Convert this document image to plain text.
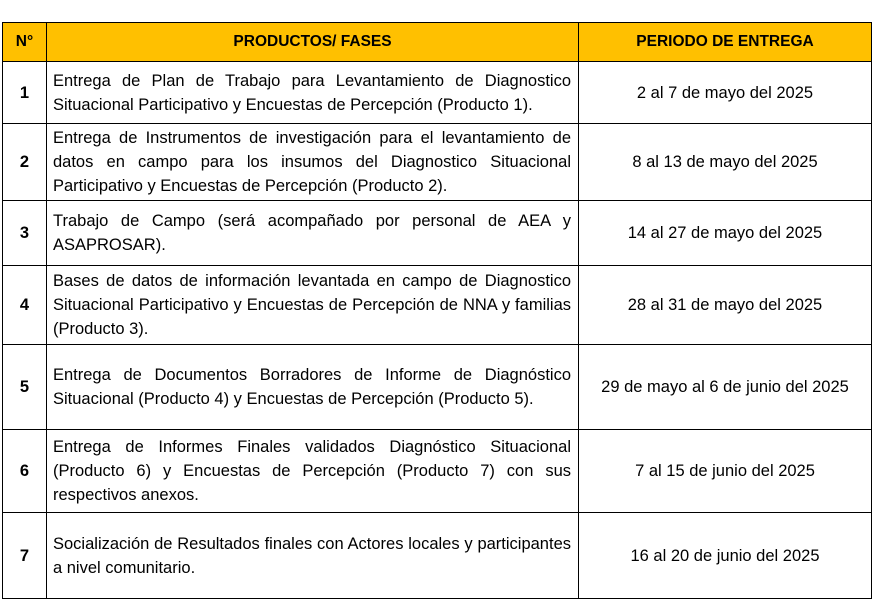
N°	PRODUCTOS/ FASES	PERIODO DE ENTREGA
1	Entrega de Plan de Trabajo para Levantamiento de Diagnostico Situacional Participativo y Encuestas de Percepción (Producto 1).	2 al 7 de mayo del 2025
2	Entrega de Instrumentos de investigación para el levantamiento de datos en campo para los insumos del Diagnostico Situacional Participativo y Encuestas de Percepción (Producto 2).	8 al 13 de mayo del 2025
3	Trabajo de Campo (será acompañado por personal de AEA y ASAPROSAR).	14 al 27 de mayo del 2025
4	Bases de datos de información levantada en campo de Diagnostico Situacional Participativo y Encuestas de Percepción de NNA y familias (Producto 3).	28 al 31 de mayo del 2025
5	Entrega de Documentos Borradores de Informe de Diagnóstico Situacional (Producto 4) y Encuestas de Percepción (Producto 5).	29 de mayo al 6 de junio del 2025
6	Entrega de Informes Finales validados Diagnóstico Situacional (Producto 6) y Encuestas de Percepción (Producto 7) con sus respectivos anexos.	7 al 15 de junio del 2025
7	Socialización de Resultados finales con Actores locales y participantes a nivel comunitario.	16 al 20 de junio del 2025
